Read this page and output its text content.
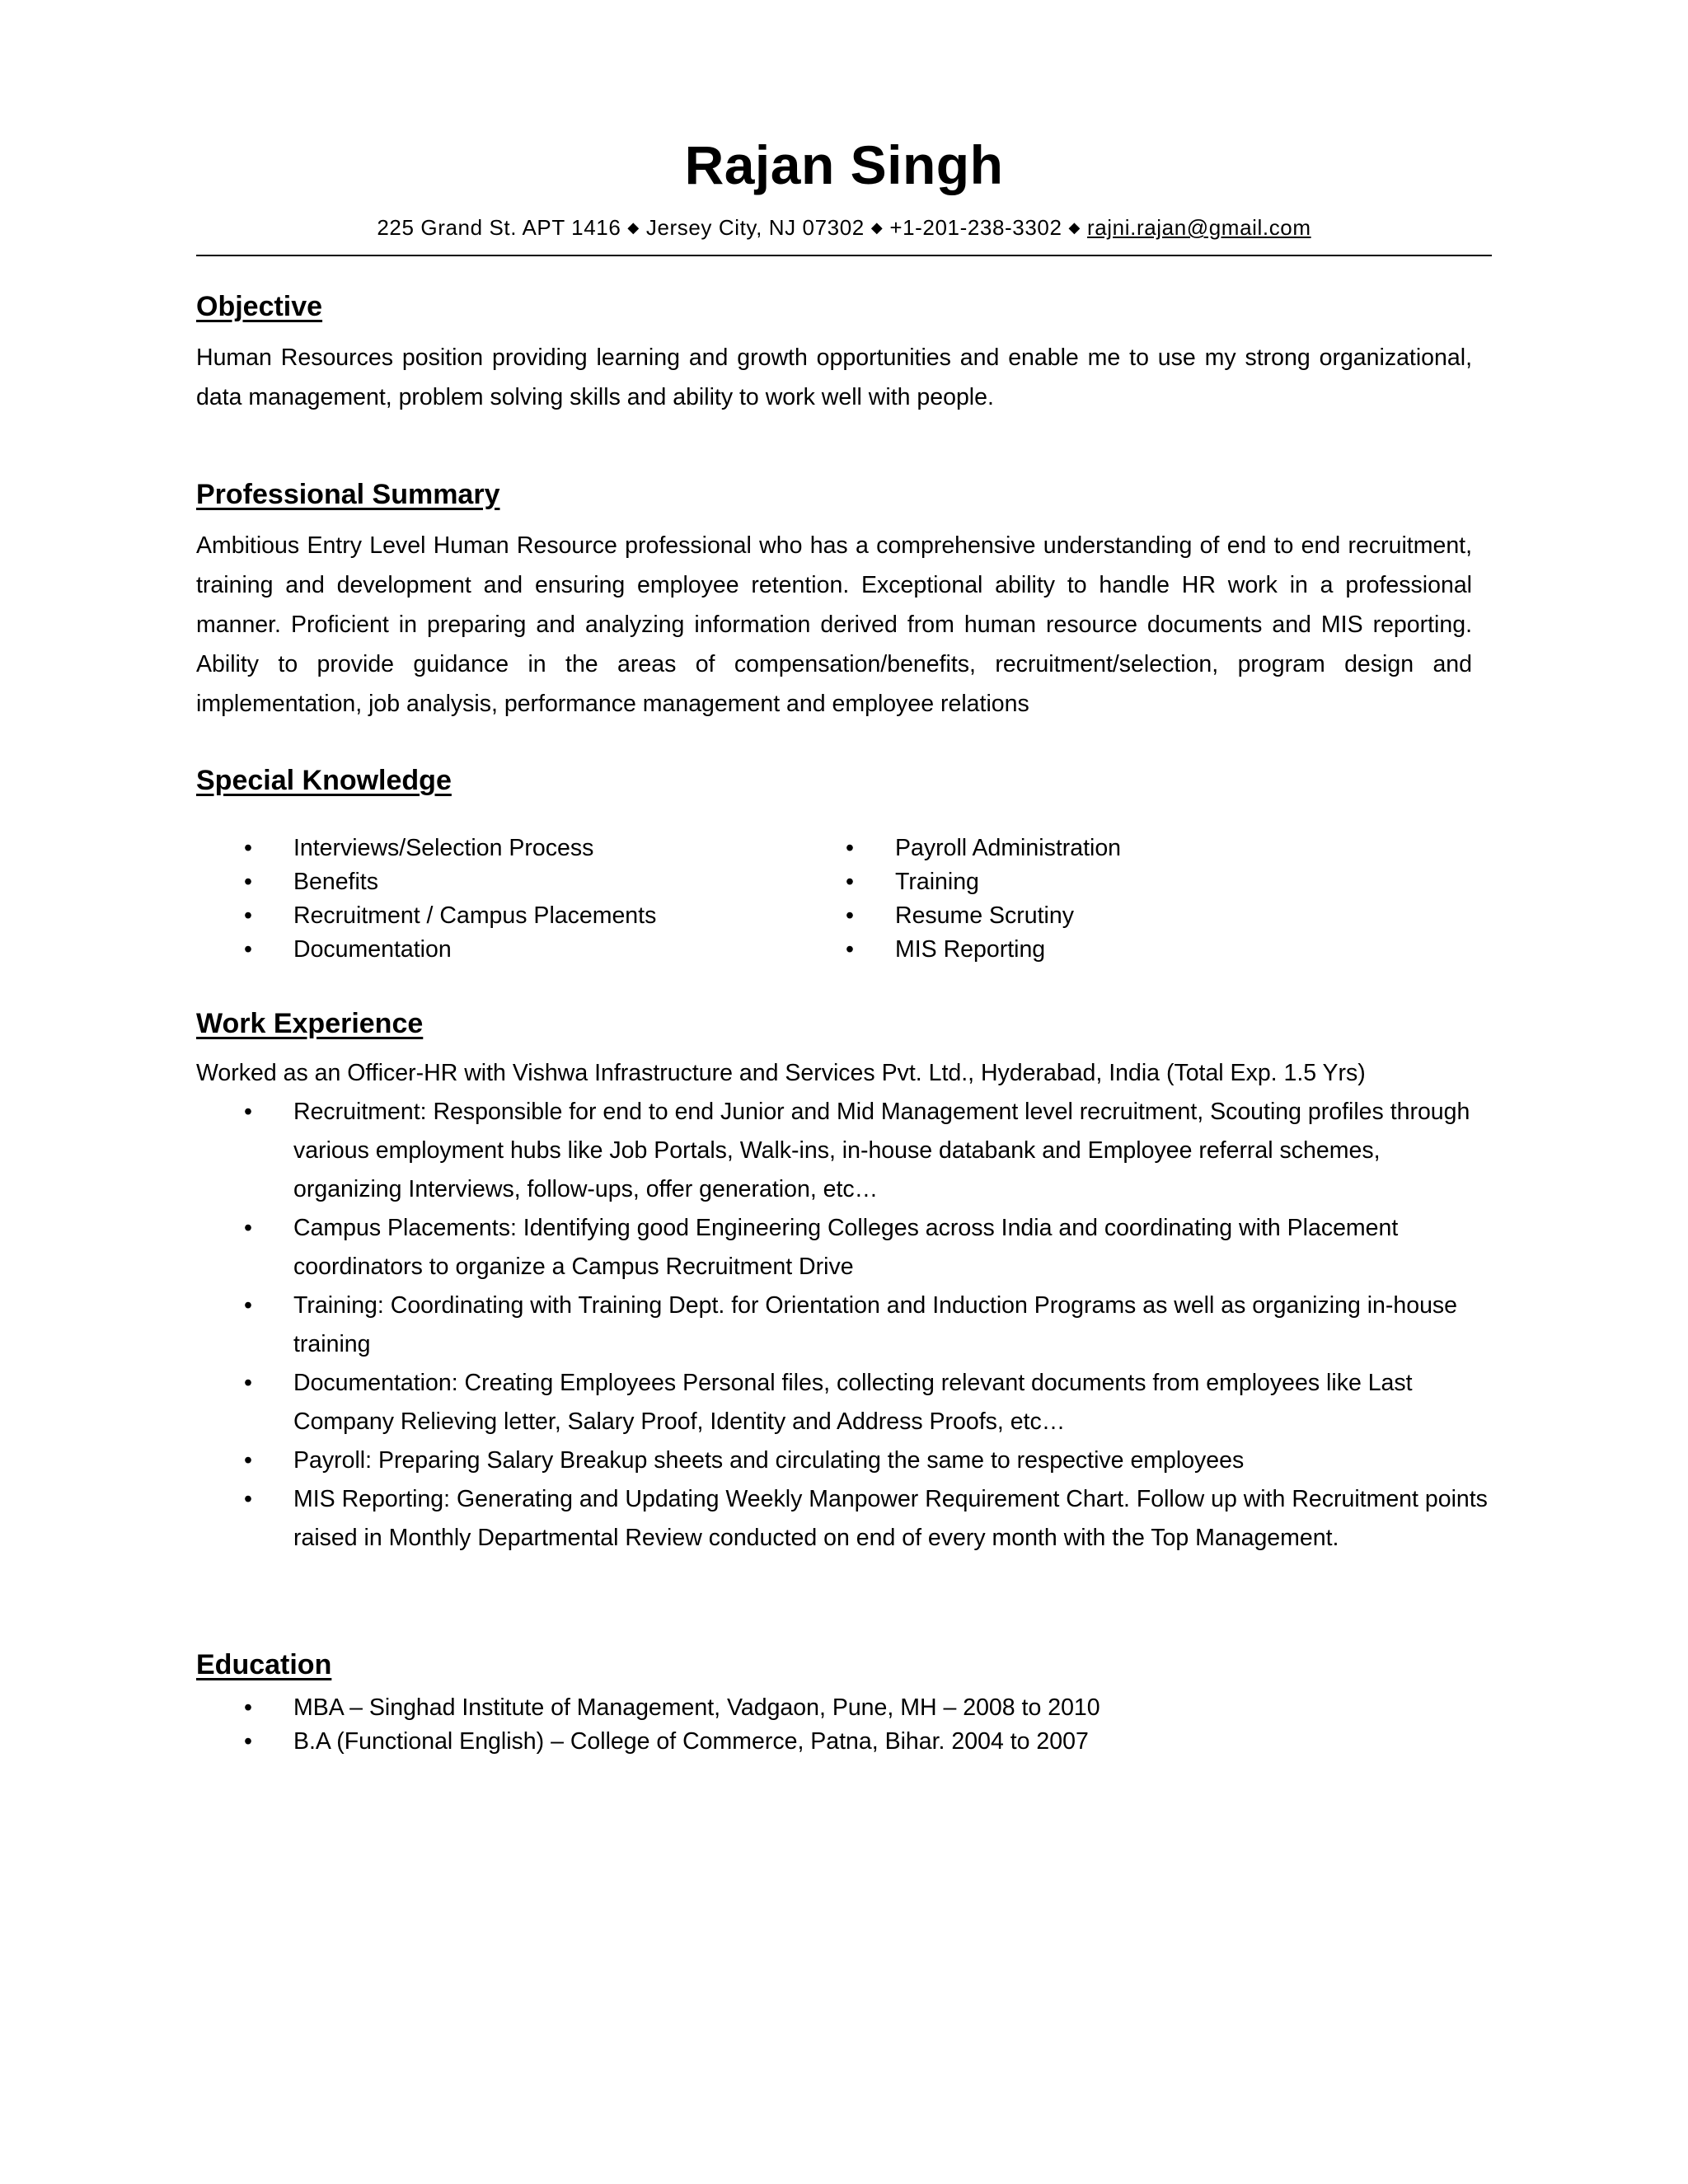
Rajan Singh
225 Grand St. APT 1416 ◆ Jersey City, NJ 07302 ◆ +1-201-238-3302 ◆ rajni.rajan@gmail.com
Objective

Human Resources position providing learning and growth opportunities and enable me to use my strong organizational, data management, problem solving skills and ability to work well with people.

Professional Summary

Ambitious Entry Level Human Resource professional who has a comprehensive understanding of end to end recruitment, training and development and ensuring employee retention. Exceptional ability to handle HR work in a professional manner. Proficient in preparing and analyzing information derived from human resource documents and MIS reporting. Ability to provide guidance in the areas of compensation/benefits, recruitment/selection, program design and implementation, job analysis, performance management and employee relations

Special Knowledge
• Interviews/Selection Process	• Payroll Administration
• Benefits	• Training
• Recruitment / Campus Placements	• Resume Scrutiny
• Documentation	• MIS Reporting
Work Experience

Worked as an Officer-HR with Vishwa Infrastructure and Services Pvt. Ltd., Hyderabad, India (Total Exp. 1.5 Yrs)

• Recruitment: Responsible for end to end Junior and Mid Management level recruitment, Scouting profiles through various employment hubs like Job Portals, Walk-ins, in-house databank and Employee referral schemes, organizing Interviews, follow-ups, offer generation, etc…
• Campus Placements: Identifying good Engineering Colleges across India and coordinating with Placement coordinators to organize a Campus Recruitment Drive
• Training: Coordinating with Training Dept. for Orientation and Induction Programs as well as organizing in-house training
• Documentation: Creating Employees Personal files, collecting relevant documents from employees like Last Company Relieving letter, Salary Proof, Identity and Address Proofs, etc…
• Payroll: Preparing Salary Breakup sheets and circulating the same to respective employees
• MIS Reporting: Generating and Updating Weekly Manpower Requirement Chart. Follow up with Recruitment points raised in Monthly Departmental Review conducted on end of every month with the Top Management.
Education
• MBA – Singhad Institute of Management, Vadgaon, Pune, MH – 2008 to 2010
• B.A (Functional English) – College of Commerce, Patna, Bihar. 2004 to 2007
